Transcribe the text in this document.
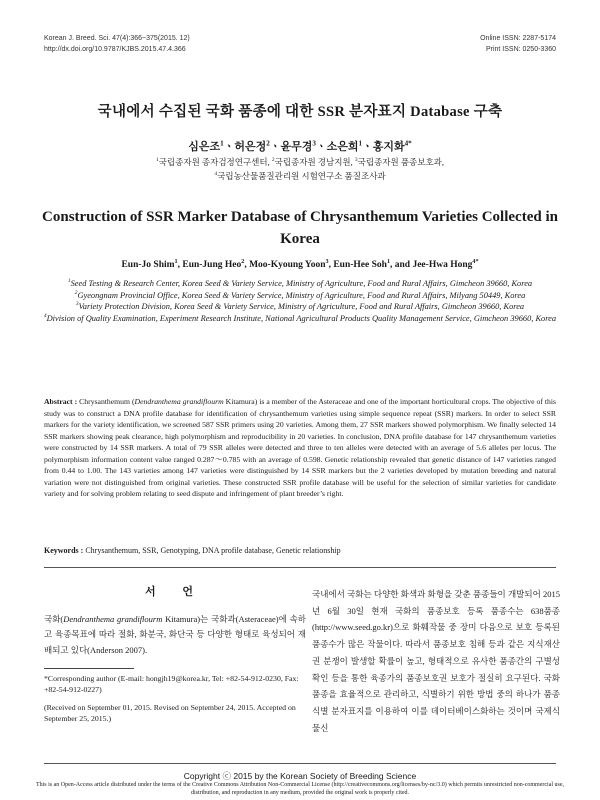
Korean J. Breed. Sci. 47(4):366~375(2015. 12)
http://dx.doi.org/10.9787/KJBS.2015.47.4.366
Online ISSN: 2287-5174
Print ISSN: 0250-3360
국내에서 수집된 국화 품종에 대한 SSR 분자표지 Database 구축
심은조$^1$ㆍ허은정$^2$ㆍ윤무경$^3$ㆍ소은희$^1$ㆍ홍지화$^{4*}$
$^1$국립종자원 종자검정연구센터, $^2$국립종자원 경남지원, $^3$국립종자원 품종보호과,
$^4$국립농산물품질관리원 시험연구소 품질조사과
Construction of SSR Marker Database of Chrysanthemum Varieties Collected in Korea
Eun-Jo Shim$^1$, Eun-Jung Heo$^2$, Moo-Kyoung Yoon$^3$, Eun-Hee Soh$^1$, and Jee-Hwa Hong$^{4*}$

$^1$Seed Testing & Research Center, Korea Seed & Variety Service, Ministry of Agriculture, Food and Rural Affairs, Gimcheon 39660, Korea

$^2$Gyeongnam Provincial Office, Korea Seed & Variety Service, Ministry of Agriculture, Food and Rural Affairs, Milyang 50449, Korea

$^3$Variety Protection Division, Korea Seed & Variety Service, Ministry of Agriculture, Food and Rural Affairs, Gimcheon 39660, Korea

$^4$Division of Quality Examination, Experiment Research Institute, National Agricultural Products Quality Management Service, Gimcheon 39660, Korea

Abstract : Chrysanthemum (Dendranthema grandiflourm Kitamura) is a member of the Asteraceae and one of the important horticultural crops. The objective of this study was to construct a DNA profile database for identification of chrysanthemum varieties using simple sequence repeat (SSR) markers. In order to select SSR markers for the variety identification, we screened 587 SSR primers using 20 varieties. Among them, 27 SSR markers showed polymorphism. We finally selected 14 SSR markers showing peak clearance, high polymorphism and reproducibility in 20 varieties. In conclusion, DNA profile database for 147 chrysanthemum varieties were constructed by 14 SSR markers. A total of 79 SSR alleles were detected and three to ten alleles were detected with an average of 5.6 alleles per locus. The polymorphism information content value ranged 0.287～0.785 with an average of 0.598. Genetic relationship revealed that genetic distance of 147 varieties ranged from 0.44 to 1.00. The 143 varieties among 147 varieties were distinguished by 14 SSR markers but the 2 varieties developed by mutation breeding and natural variation were not distinguished from original varieties. These constructed SSR profile database will be useful for the selection of similar varieties for candidate variety and for solving problem relating to seed dispute and infringement of plant breeder’s right.
Keywords : Chrysanthemum, SSR, Genotyping, DNA profile database, Genetic relationship
서 언
국화(Dendranthema grandiflourm Kitamura)는 국화과(Asteraceae)에 속하고 육종목표에 따라 절화, 화분국, 화단국 등 다양한 형태로 육성되어 재배되고 있다(Anderson 2007).
*Corresponding author (E-mail: hongjh19@korea.kr, Tel: +82-54-912-0230, Fax: +82-54-912-0227)
(Received on September 01, 2015. Revised on September 24, 2015. Accepted on September 25, 2015.)
국내에서 국화는 다양한 화색과 화형을 갖춘 품종들이 개발되어 2015년 6월 30일 현재 국화의 품종보호 등록 품종수는 638품종(http://www.seed.go.kr)으로 화훼작물 중 장미 다음으로 보호 등록된 품종수가 많은 작물이다. 따라서 품종보호 침해 등과 같은 지식재산권 분쟁이 발생할 확률이 높고, 형태적으로 유사한 품종간의 구별성 확인 등을 통한 육종가의 품종보호권 보호가 절실히 요구된다. 국화 품종을 효율적으로 관리하고, 식별하기 위한 방법 중의 하나가 품종식별 분자표지를 이용하여 이를 데이터베이스화하는 것이며 국제식물신
Copyright ⓒ 2015 by the Korean Society of Breeding Science
This is an Open-Access article distributed under the terms of the Creative Commons Attribution Non-Commercial License (http://creativecommons.org/licenses/by-nc/3.0) which permits unrestricted non-commercial use, distribution, and reproduction in any medium, provided the original work is properly cited.
